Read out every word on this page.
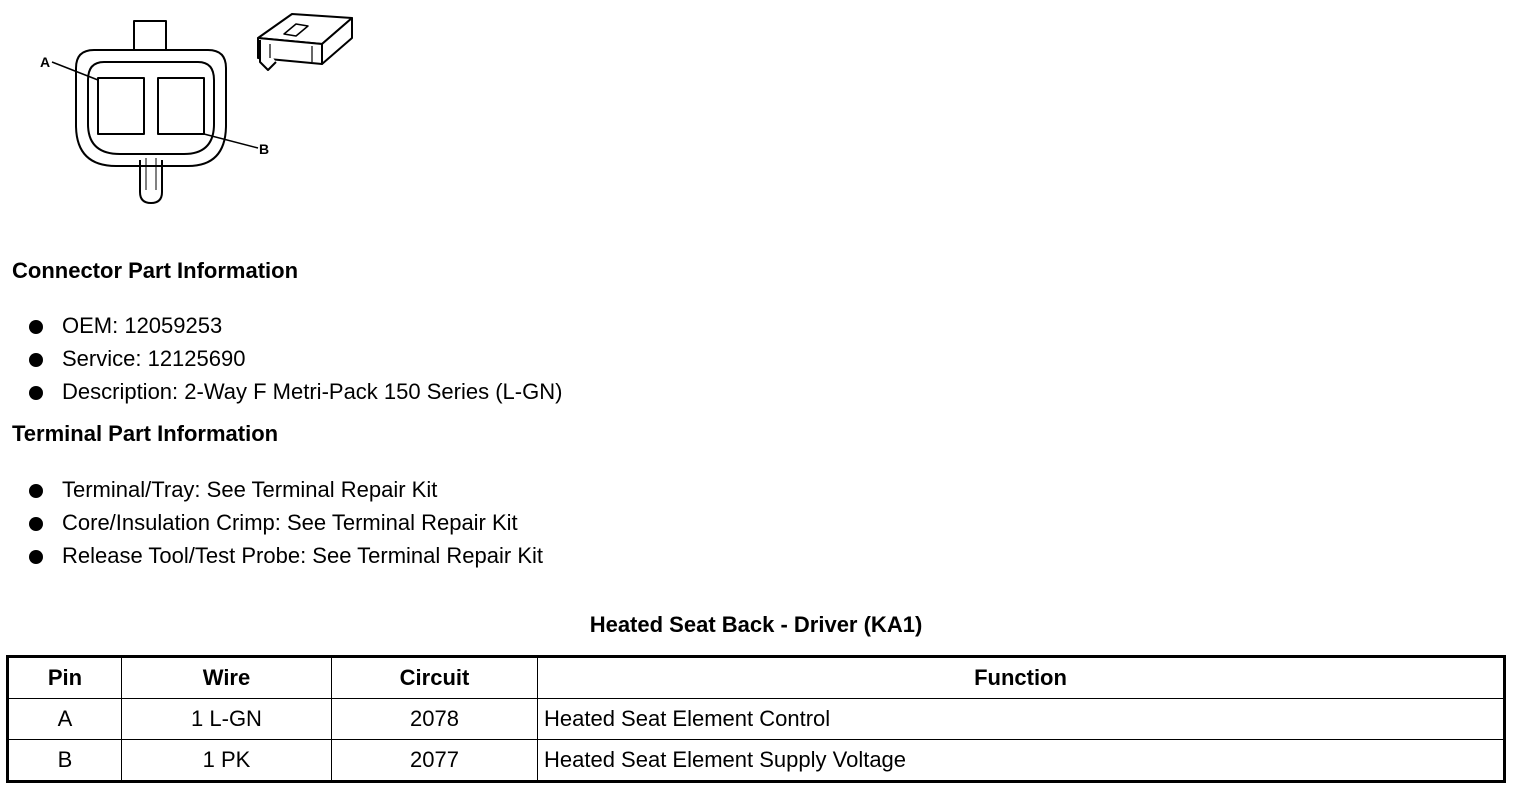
A
B
Connector Part Information
OEM: 12059253
Service: 12125690
Description: 2-Way F Metri-Pack 150 Series (L-GN)
Terminal Part Information
Terminal/Tray: See Terminal Repair Kit
Core/Insulation Crimp: See Terminal Repair Kit
Release Tool/Test Probe: See Terminal Repair Kit
Heated Seat Back - Driver (KA1)
Pin	Wire	Circuit	Function
A	1 L-GN	2078	Heated Seat Element Control
B	1 PK	2077	Heated Seat Element Supply Voltage
